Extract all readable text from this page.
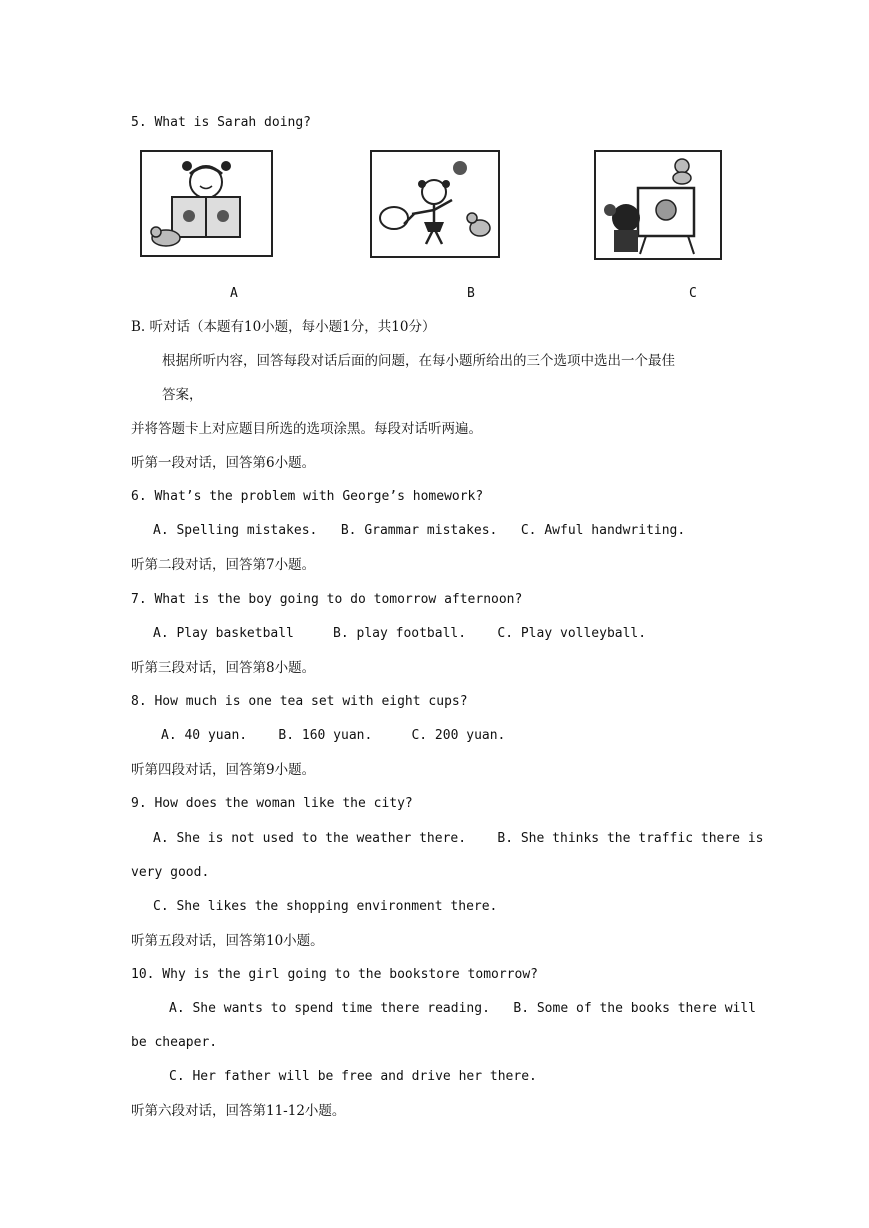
5. What is Sarah doing?
A	B	C
B. 听对话（本题有10小题，每小题1分，共10分）
根据所听内容，回答每段对话后面的问题，在每小题所给出的三个选项中选出一个最佳
答案，
并将答题卡上对应题目所选的选项涂黑。每段对话听两遍。
听第一段对话，回答第6小题。
6. What’s the problem with George’s homework?
A. Spelling mistakes.   B. Grammar mistakes.   C. Awful handwriting.
听第二段对话，回答第7小题。
7. What is the boy going to do tomorrow afternoon?
A. Play basketball     B. play football.    C. Play volleyball.
听第三段对话，回答第8小题。
8. How much is one tea set with eight cups?
A. 40 yuan.    B. 160 yuan.     C. 200 yuan.
听第四段对话，回答第9小题。
9. How does the woman like the city?
A. She is not used to the weather there.    B. She thinks the traffic there is
very good.
C. She likes the shopping environment there.
听第五段对话，回答第10小题。
10. Why is the girl going to the bookstore tomorrow?
A. She wants to spend time there reading.   B. Some of the books there will
be cheaper.
C. Her father will be free and drive her there.
听第六段对话，回答第11-12小题。
